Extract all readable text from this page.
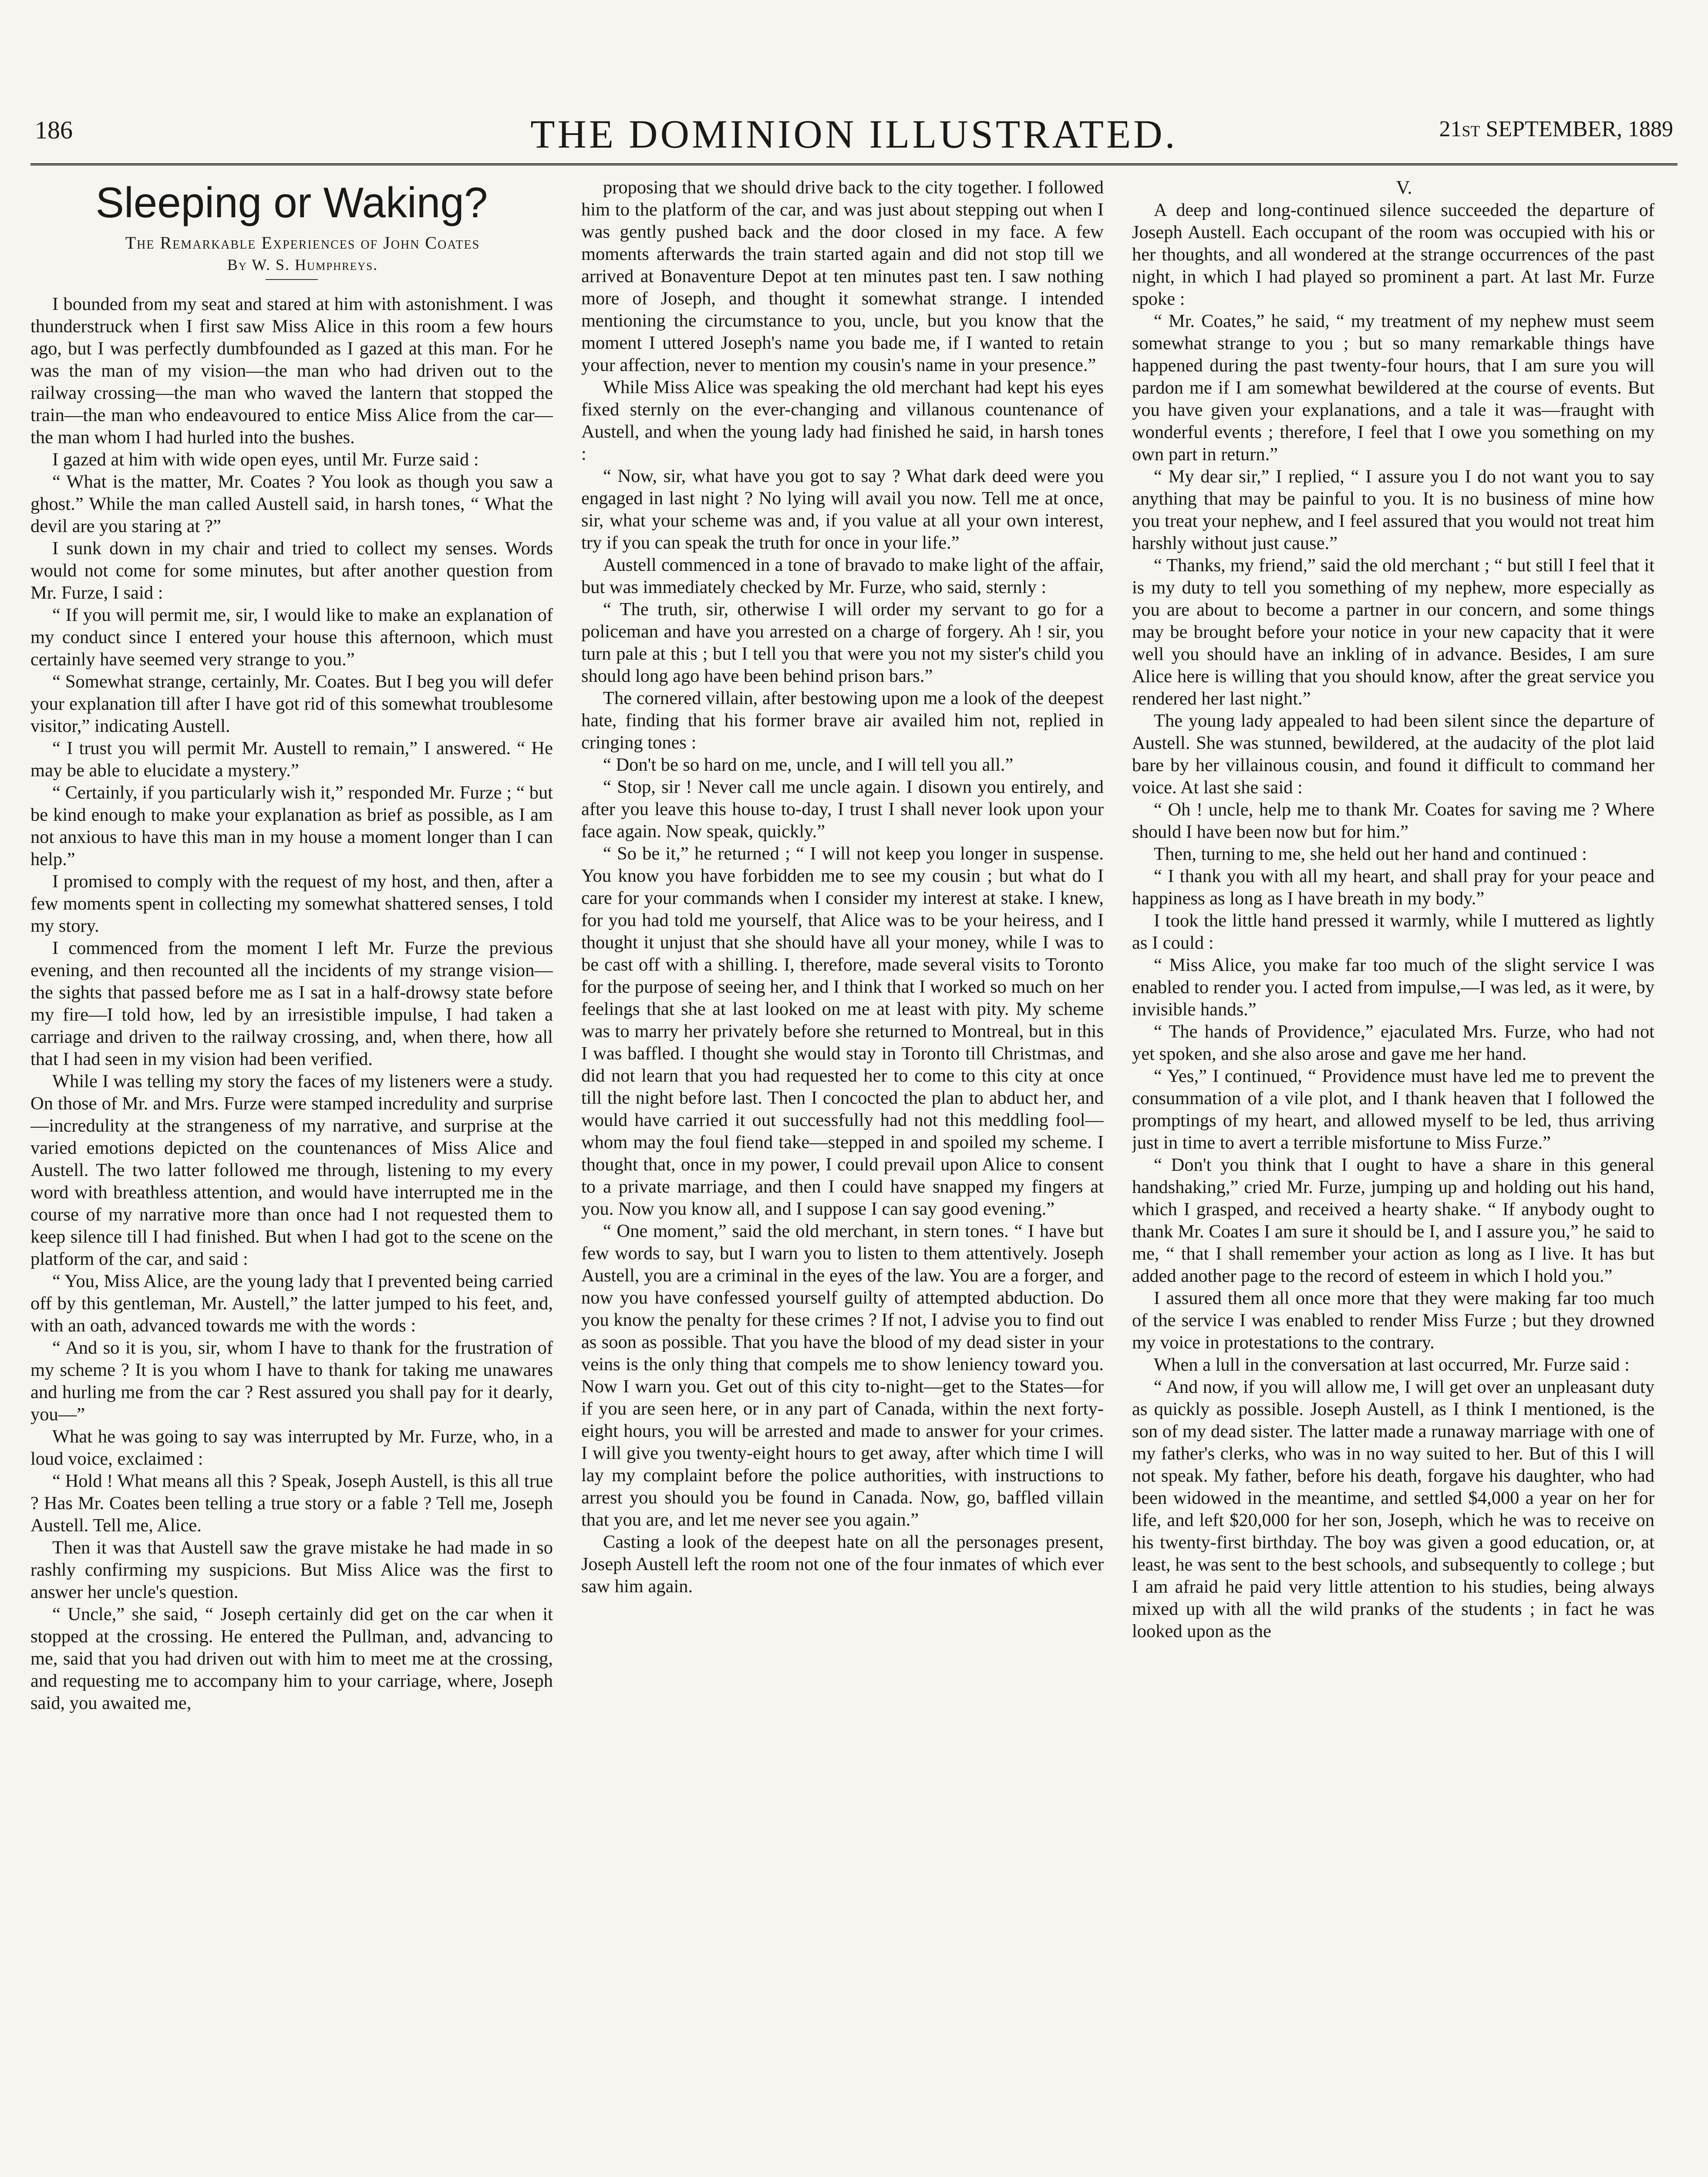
186	THE DOMINION ILLUSTRATED.	21st SEPTEMBER, 1889
Sleeping or Waking?

The Remarkable Experiences of John Coates

By W. S. Humphreys.

I bounded from my seat and stared at him with astonishment. I was thunderstruck when I first saw Miss Alice in this room a few hours ago, but I was perfectly dumbfounded as I gazed at this man. For he was the man of my vision—the man who had driven out to the railway crossing—the man who waved the lantern that stopped the train—the man who endeavoured to entice Miss Alice from the car—the man whom I had hurled into the bushes.

I gazed at him with wide open eyes, until Mr. Furze said :

“ What is the matter, Mr. Coates ? You look as though you saw a ghost.” While the man called Austell said, in harsh tones, “ What the devil are you staring at ?”

I sunk down in my chair and tried to collect my senses. Words would not come for some minutes, but after another question from Mr. Furze, I said :

“ If you will permit me, sir, I would like to make an explanation of my conduct since I entered your house this afternoon, which must certainly have seemed very strange to you.”

“ Somewhat strange, certainly, Mr. Coates. But I beg you will defer your explanation till after I have got rid of this somewhat troublesome visitor,” indicating Austell.

“ I trust you will permit Mr. Austell to remain,” I answered. “ He may be able to elucidate a mystery.”

“ Certainly, if you particularly wish it,” responded Mr. Furze ; “ but be kind enough to make your explanation as brief as possible, as I am not anxious to have this man in my house a moment longer than I can help.”

I promised to comply with the request of my host, and then, after a few moments spent in collecting my somewhat shattered senses, I told my story.

I commenced from the moment I left Mr. Furze the previous evening, and then recounted all the incidents of my strange vision—the sights that passed before me as I sat in a half-drowsy state before my fire—I told how, led by an irresistible impulse, I had taken a carriage and driven to the railway crossing, and, when there, how all that I had seen in my vision had been verified.

While I was telling my story the faces of my listeners were a study. On those of Mr. and Mrs. Furze were stamped incredulity and surprise—incredulity at the strangeness of my narrative, and surprise at the varied emotions depicted on the countenances of Miss Alice and Austell. The two latter followed me through, listening to my every word with breathless attention, and would have interrupted me in the course of my narrative more than once had I not requested them to keep silence till I had finished. But when I had got to the scene on the platform of the car, and said :

“ You, Miss Alice, are the young lady that I prevented being carried off by this gentleman, Mr. Austell,” the latter jumped to his feet, and, with an oath, advanced towards me with the words :

“ And so it is you, sir, whom I have to thank for the frustration of my scheme ? It is you whom I have to thank for taking me unawares and hurling me from the car ? Rest assured you shall pay for it dearly, you—”

What he was going to say was interrupted by Mr. Furze, who, in a loud voice, exclaimed :

“ Hold ! What means all this ? Speak, Joseph Austell, is this all true ? Has Mr. Coates been telling a true story or a fable ? Tell me, Joseph Austell. Tell me, Alice.

Then it was that Austell saw the grave mistake he had made in so rashly confirming my suspicions. But Miss Alice was the first to answer her uncle's question.

“ Uncle,” she said, “ Joseph certainly did get on the car when it stopped at the crossing. He entered the Pullman, and, advancing to me, said that you had driven out with him to meet me at the crossing, and requesting me to accompany him to your carriage, where, Joseph said, you awaited me,

proposing that we should drive back to the city together. I followed him to the platform of the car, and was just about stepping out when I was gently pushed back and the door closed in my face. A few moments afterwards the train started again and did not stop till we arrived at Bonaventure Depot at ten minutes past ten. I saw nothing more of Joseph, and thought it somewhat strange. I intended mentioning the circumstance to you, uncle, but you know that the moment I uttered Joseph's name you bade me, if I wanted to retain your affection, never to mention my cousin's name in your presence.”

While Miss Alice was speaking the old merchant had kept his eyes fixed sternly on the ever-changing and villanous countenance of Austell, and when the young lady had finished he said, in harsh tones :

“ Now, sir, what have you got to say ? What dark deed were you engaged in last night ? No lying will avail you now. Tell me at once, sir, what your scheme was and, if you value at all your own interest, try if you can speak the truth for once in your life.”

Austell commenced in a tone of bravado to make light of the affair, but was immediately checked by Mr. Furze, who said, sternly :

“ The truth, sir, otherwise I will order my servant to go for a policeman and have you arrested on a charge of forgery. Ah ! sir, you turn pale at this ; but I tell you that were you not my sister's child you should long ago have been behind prison bars.”

The cornered villain, after bestowing upon me a look of the deepest hate, finding that his former brave air availed him not, replied in cringing tones :

“ Don't be so hard on me, uncle, and I will tell you all.”

“ Stop, sir ! Never call me uncle again. I disown you entirely, and after you leave this house to-day, I trust I shall never look upon your face again. Now speak, quickly.”

“ So be it,” he returned ; “ I will not keep you longer in suspense. You know you have forbidden me to see my cousin ; but what do I care for your commands when I consider my interest at stake. I knew, for you had told me yourself, that Alice was to be your heiress, and I thought it unjust that she should have all your money, while I was to be cast off with a shilling. I, therefore, made several visits to Toronto for the purpose of seeing her, and I think that I worked so much on her feelings that she at last looked on me at least with pity. My scheme was to marry her privately before she returned to Montreal, but in this I was baffled. I thought she would stay in Toronto till Christmas, and did not learn that you had requested her to come to this city at once till the night before last. Then I concocted the plan to abduct her, and would have carried it out successfully had not this meddling fool—whom may the foul fiend take—stepped in and spoiled my scheme. I thought that, once in my power, I could prevail upon Alice to consent to a private marriage, and then I could have snapped my fingers at you. Now you know all, and I suppose I can say good evening.”

“ One moment,” said the old merchant, in stern tones. “ I have but few words to say, but I warn you to listen to them attentively. Joseph Austell, you are a criminal in the eyes of the law. You are a forger, and now you have confessed yourself guilty of attempted abduction. Do you know the penalty for these crimes ? If not, I advise you to find out as soon as possible. That you have the blood of my dead sister in your veins is the only thing that compels me to show leniency toward you. Now I warn you. Get out of this city to-night—get to the States—for if you are seen here, or in any part of Canada, within the next forty-eight hours, you will be arrested and made to answer for your crimes. I will give you twenty-eight hours to get away, after which time I will lay my complaint before the police authorities, with instructions to arrest you should you be found in Canada. Now, go, baffled villain that you are, and let me never see you again.”

Casting a look of the deepest hate on all the personages present, Joseph Austell left the room not one of the four inmates of which ever saw him again.

V.

A deep and long-continued silence succeeded the departure of Joseph Austell. Each occupant of the room was occupied with his or her thoughts, and all wondered at the strange occurrences of the past night, in which I had played so prominent a part. At last Mr. Furze spoke :

“ Mr. Coates,” he said, “ my treatment of my nephew must seem somewhat strange to you ; but so many remarkable things have happened during the past twenty-four hours, that I am sure you will pardon me if I am somewhat bewildered at the course of events. But you have given your explanations, and a tale it was—fraught with wonderful events ; therefore, I feel that I owe you something on my own part in return.”

“ My dear sir,” I replied, “ I assure you I do not want you to say anything that may be painful to you. It is no business of mine how you treat your nephew, and I feel assured that you would not treat him harshly without just cause.”

“ Thanks, my friend,” said the old merchant ; “ but still I feel that it is my duty to tell you something of my nephew, more especially as you are about to become a partner in our concern, and some things may be brought before your notice in your new capacity that it were well you should have an inkling of in advance. Besides, I am sure Alice here is willing that you should know, after the great service you rendered her last night.”

The young lady appealed to had been silent since the departure of Austell. She was stunned, bewildered, at the audacity of the plot laid bare by her villainous cousin, and found it difficult to command her voice. At last she said :

“ Oh ! uncle, help me to thank Mr. Coates for saving me ? Where should I have been now but for him.”

Then, turning to me, she held out her hand and continued :

“ I thank you with all my heart, and shall pray for your peace and happiness as long as I have breath in my body.”

I took the little hand pressed it warmly, while I muttered as lightly as I could :

“ Miss Alice, you make far too much of the slight service I was enabled to render you. I acted from impulse,—I was led, as it were, by invisible hands.”

“ The hands of Providence,” ejaculated Mrs. Furze, who had not yet spoken, and she also arose and gave me her hand.

“ Yes,” I continued, “ Providence must have led me to prevent the consummation of a vile plot, and I thank heaven that I followed the promptings of my heart, and allowed myself to be led, thus arriving just in time to avert a terrible misfortune to Miss Furze.”

“ Don't you think that I ought to have a share in this general handshaking,” cried Mr. Furze, jumping up and holding out his hand, which I grasped, and received a hearty shake. “ If anybody ought to thank Mr. Coates I am sure it should be I, and I assure you,” he said to me, “ that I shall remember your action as long as I live. It has but added another page to the record of esteem in which I hold you.”

I assured them all once more that they were making far too much of the service I was enabled to render Miss Furze ; but they drowned my voice in protestations to the contrary.

When a lull in the conversation at last occurred, Mr. Furze said :

“ And now, if you will allow me, I will get over an unpleasant duty as quickly as possible. Joseph Austell, as I think I mentioned, is the son of my dead sister. The latter made a runaway marriage with one of my father's clerks, who was in no way suited to her. But of this I will not speak. My father, before his death, forgave his daughter, who had been widowed in the meantime, and settled $4,000 a year on her for life, and left $20,000 for her son, Joseph, which he was to receive on his twenty-first birthday. The boy was given a good education, or, at least, he was sent to the best schools, and subsequently to college ; but I am afraid he paid very little attention to his studies, being always mixed up with all the wild pranks of the students ; in fact he was looked upon as the
